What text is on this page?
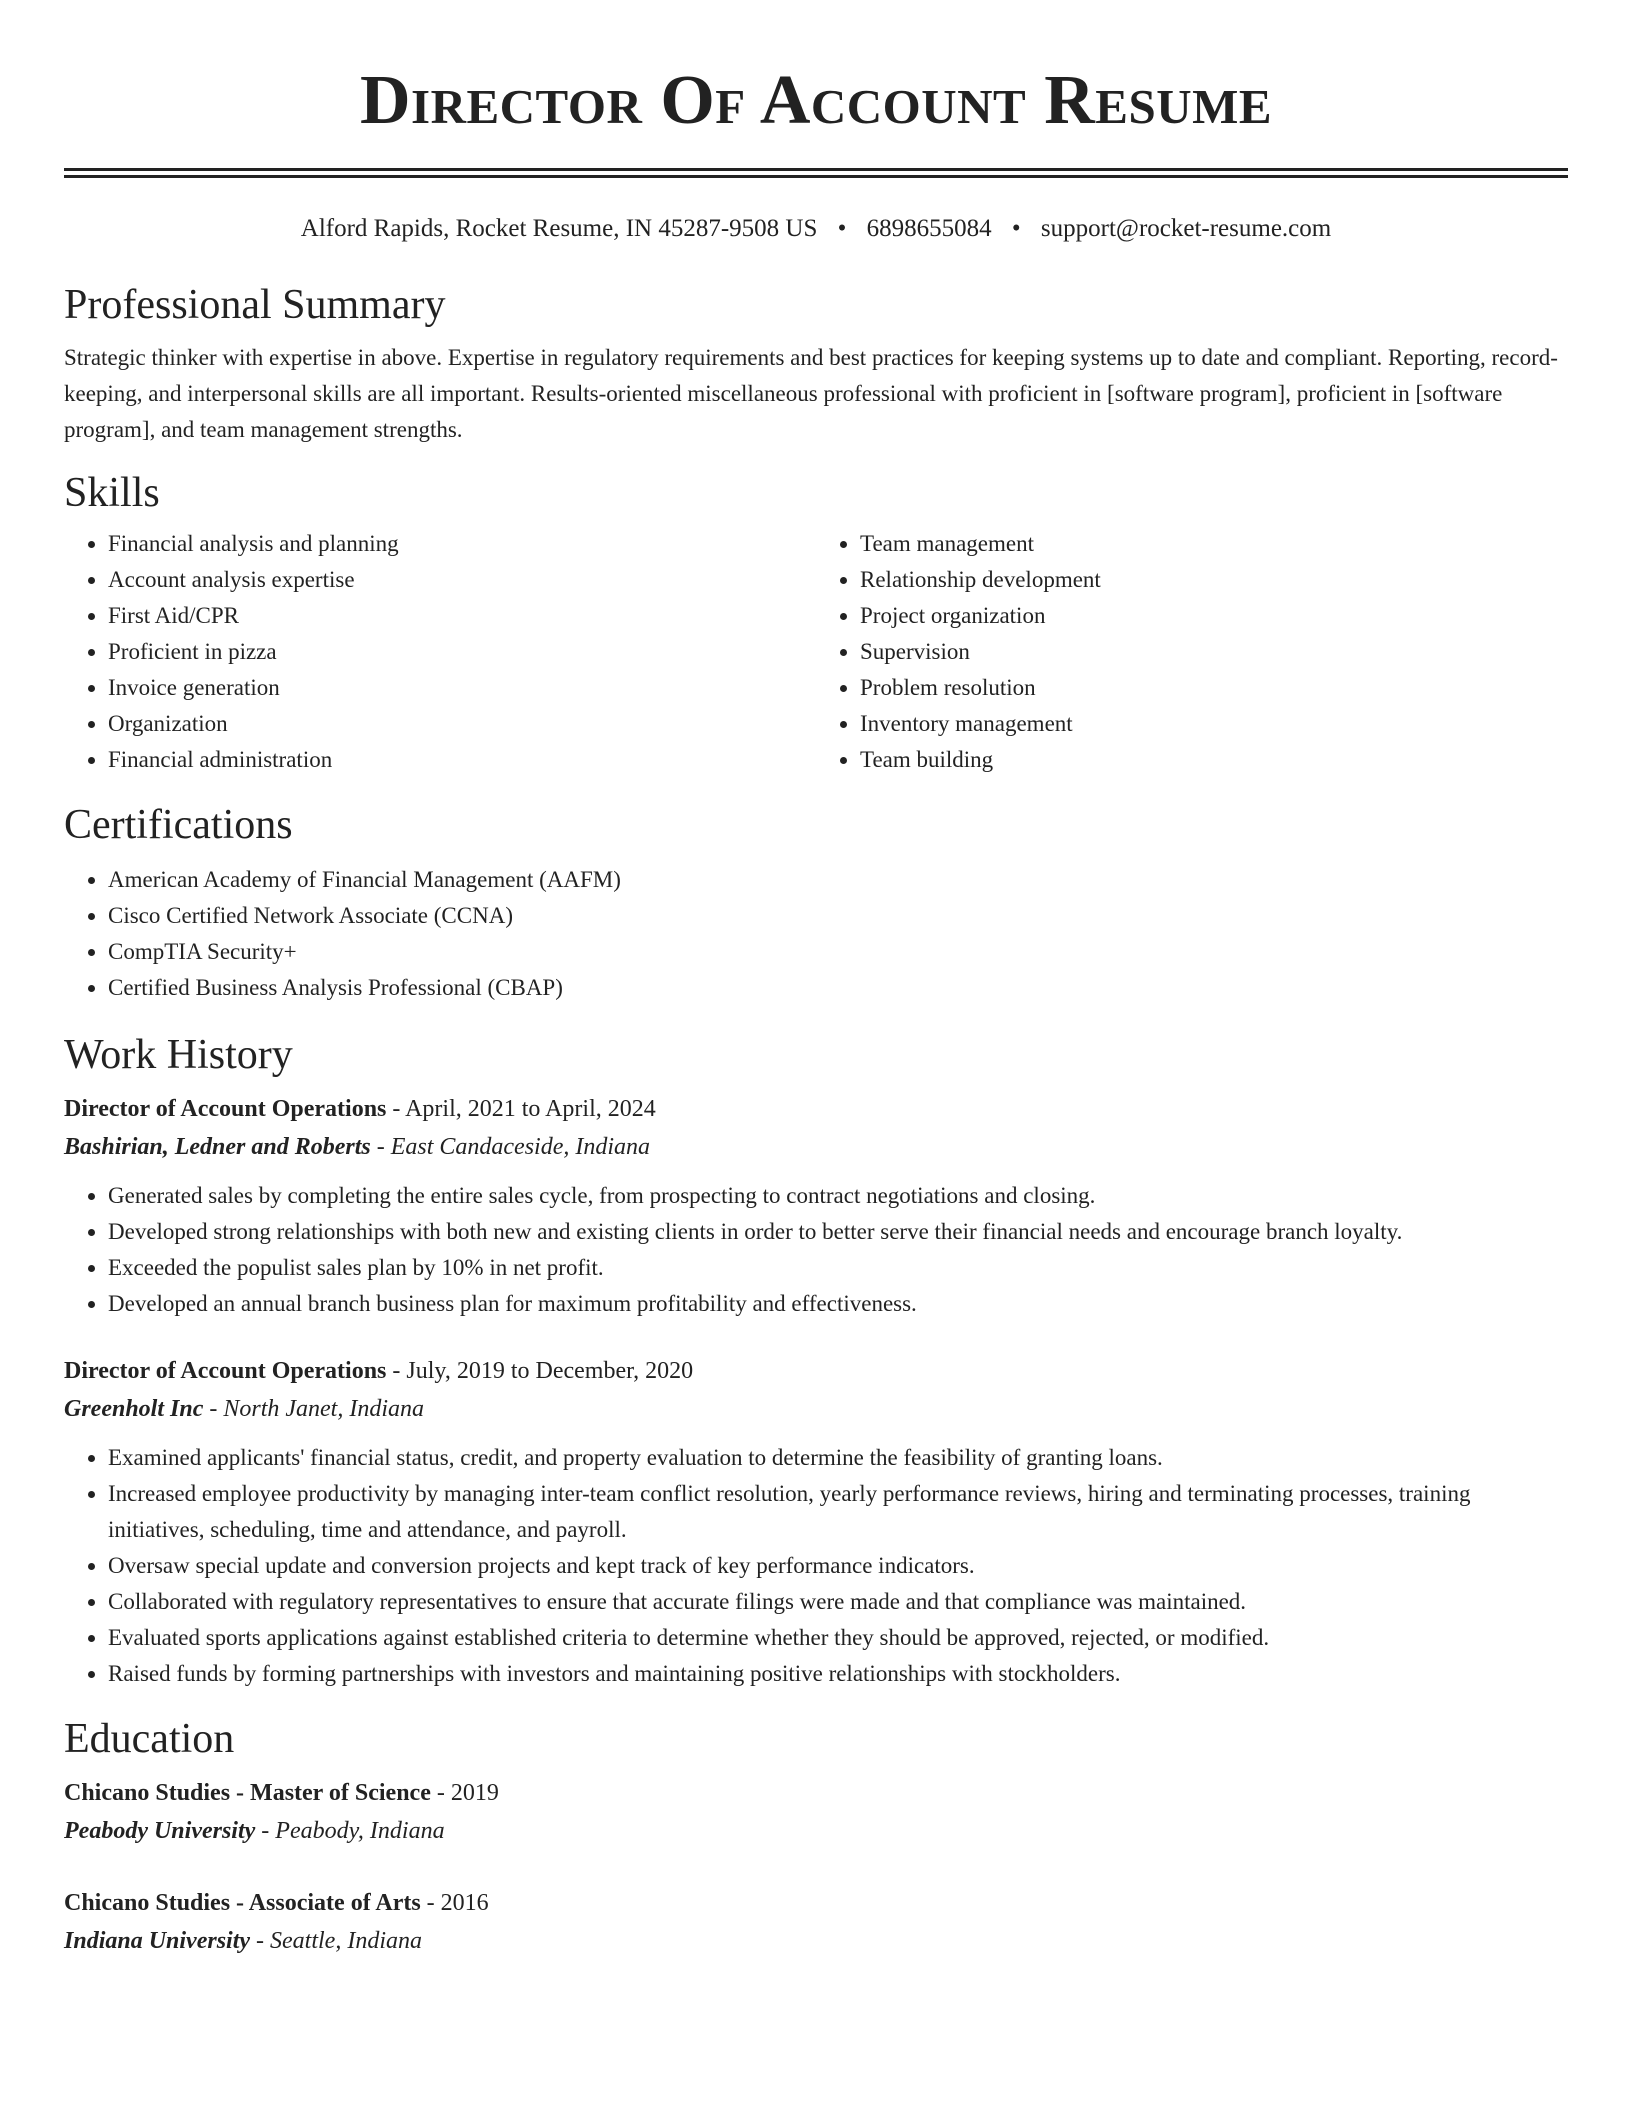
Director Of Account Resume
Alford Rapids, Rocket Resume, IN 45287-9508 US • 6898655084 • support@rocket-resume.com
Professional Summary

Strategic thinker with expertise in above. Expertise in regulatory requirements and best practices for keeping systems up to date and compliant. Reporting, record-keeping, and interpersonal skills are all important. Results-oriented miscellaneous professional with proficient in [software program], proficient in [software program], and team management strengths.

Skills
• Financial analysis and planning
• Account analysis expertise
• First Aid/CPR
• Proficient in pizza
• Invoice generation
• Organization
• Financial administration
• Team management
• Relationship development
• Project organization
• Supervision
• Problem resolution
• Inventory management
• Team building
Certifications
• American Academy of Financial Management (AAFM)
• Cisco Certified Network Associate (CCNA)
• CompTIA Security+
• Certified Business Analysis Professional (CBAP)
Work History
Director of Account Operations - April, 2021 to April, 2024
Bashirian, Ledner and Roberts - East Candaceside, Indiana
• Generated sales by completing the entire sales cycle, from prospecting to contract negotiations and closing.
• Developed strong relationships with both new and existing clients in order to better serve their financial needs and encourage branch loyalty.
• Exceeded the populist sales plan by 10% in net profit.
• Developed an annual branch business plan for maximum profitability and effectiveness.
Director of Account Operations - July, 2019 to December, 2020
Greenholt Inc - North Janet, Indiana
• Examined applicants' financial status, credit, and property evaluation to determine the feasibility of granting loans.
• Increased employee productivity by managing inter-team conflict resolution, yearly performance reviews, hiring and terminating processes, training initiatives, scheduling, time and attendance, and payroll.
• Oversaw special update and conversion projects and kept track of key performance indicators.
• Collaborated with regulatory representatives to ensure that accurate filings were made and that compliance was maintained.
• Evaluated sports applications against established criteria to determine whether they should be approved, rejected, or modified.
• Raised funds by forming partnerships with investors and maintaining positive relationships with stockholders.
Education
Chicano Studies - Master of Science - 2019
Peabody University - Peabody, Indiana
Chicano Studies - Associate of Arts - 2016
Indiana University - Seattle, Indiana
